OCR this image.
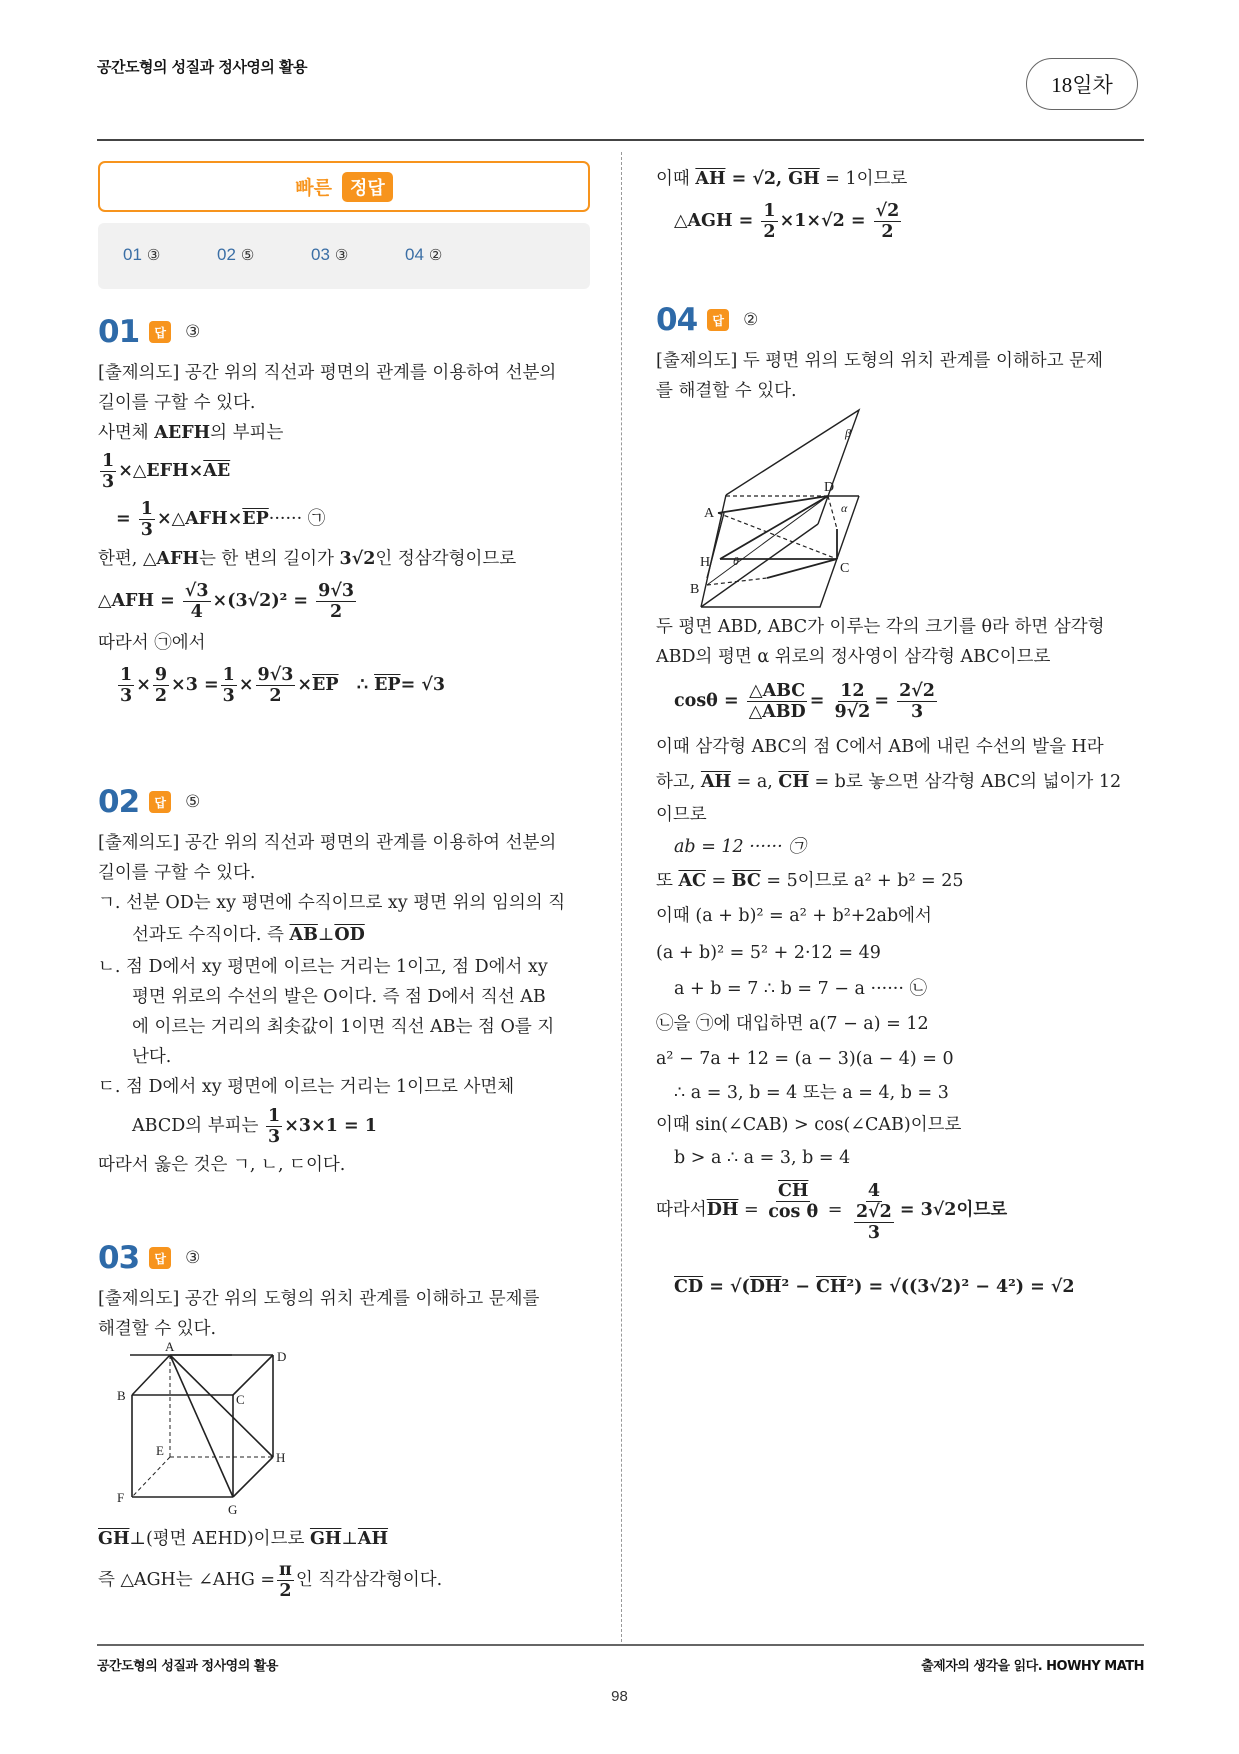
공간도형의 성질과 정사영의 활용
18일차
빠른	정답
01 ③	02 ⑤	03 ③	04 ②
01	답	③
[출제의도] 공간 위의 직선과 평면의 관계를 이용하여 선분의
길이를 구할 수 있다.
사면체 AEFH의 부피는
$\frac{1}{3}$ ×△EFH× $\overline{AE}$
=
$\frac{1}{3}$ ×△AFH× $\overline{EP}$ ······ ㉠
한편, △AFH는 한 변의 길이가 3√2인 정삼각형이므로
△AFH =
$\frac{√3}{4} \times(3√2)^2$ =
$\frac{9√3}{2}$
따라서 ㉠에서
$\frac{1}{3} \times \frac{9}{2} \times 3 = \frac{1}{3} \times \frac{9√3}{2} \times \overline{EP}$ ∴ $\overline{EP} = √3$
02	답	⑤
[출제의도] 공간 위의 직선과 평면의 관계를 이용하여 선분의
길이를 구할 수 있다.
ㄱ. 선분 OD는 xy 평면에 수직이므로 xy 평면 위의 임의의 직
선과도 수직이다. 즉 $\overline{AB}\perp\overline{OD}$
ㄴ. 점 D에서 xy 평면에 이르는 거리는 1이고, 점 D에서 xy
평면 위로의 수선의 발은 O이다. 즉 점 D에서 직선 AB
에 이르는 거리의 최솟값이 1이면 직선 AB는 점 O를 지
난다.
ㄷ. 점 D에서 xy 평면에 이르는 거리는 1이므로 사면체
ABCD의 부피는
$\frac{1}{3} \times 3\times 1 = 1$
따라서 옳은 것은 ㄱ, ㄴ, ㄷ이다.
03	답	③
[출제의도] 공간 위의 도형의 위치 관계를 이해하고 문제를
해결할 수 있다.
A
D
B	C
E	H
F
G
$\overline{GH}\perp$(평면 AEHD)이므로 $\overline{GH}\perp\overline{AH}$
즉 △AGH는 ∠AHG = $\frac{\pi}{2}$ 인 직각삼각형이다.
이때 $\overline{AH} = √2$, $\overline{GH} = 1$이므로
△AGH =
$\frac{1}{2} \times 1\times√2$ =
$\frac{√2}{2}$
04	답	②
[출제의도] 두 평면 위의 도형의 위치 관계를 이해하고 문제
를 해결할 수 있다.
D
A
H	C
B
β
α
θ
두 평면 ABD, ABC가 이루는 각의 크기를 θ라 하면 삼각형
ABD의 평면 α 위로의 정사영이 삼각형 ABC이므로
cosθ =
$\frac{\text{△ABC}}{\text{△ABD}}$ =
$\frac{12}{9√2}$ =
$\frac{2√2}{3}$
이때 삼각형 ABC의 점 C에서 AB에 내린 수선의 발을 H라
하고, $\overline{AH} = a$, $\overline{CH} = b$로 놓으면 삼각형 ABC의 넓이가 12
이므로
ab = 12 ······ ㉠
또 $\overline{AC} = \overline{BC} = 5$이므로 a² + b² = 25
이때 (a + b)² = a² + b²+2ab에서
(a + b)² = 5² + 2·12 = 49
a + b = 7 ∴ b = 7 − a ······ ㉡
㉡을 ㉠에 대입하면 a(7 − a) = 12
a² − 7a + 12 = (a − 3)(a − 4) = 0
∴ a = 3, b = 4 또는 a = 4, b = 3
이때 sin(∠CAB) > cos(∠CAB)이므로
b > a ∴ a = 3, b = 4
따라서 $\overline{DH} = \frac{\overline{CH}}{\text{cos θ}} = \frac{4}{\frac{2√2}{3}} = 3√2$이므로
$\overline{CD} = √(\overline{DH}^2 - \overline{CH}^2) = √((3√2)^2 - 4^2) = √2$
공간도형의 성질과 정사영의 활용	출제자의 생각을 읽다. HOWHY MATH
98
